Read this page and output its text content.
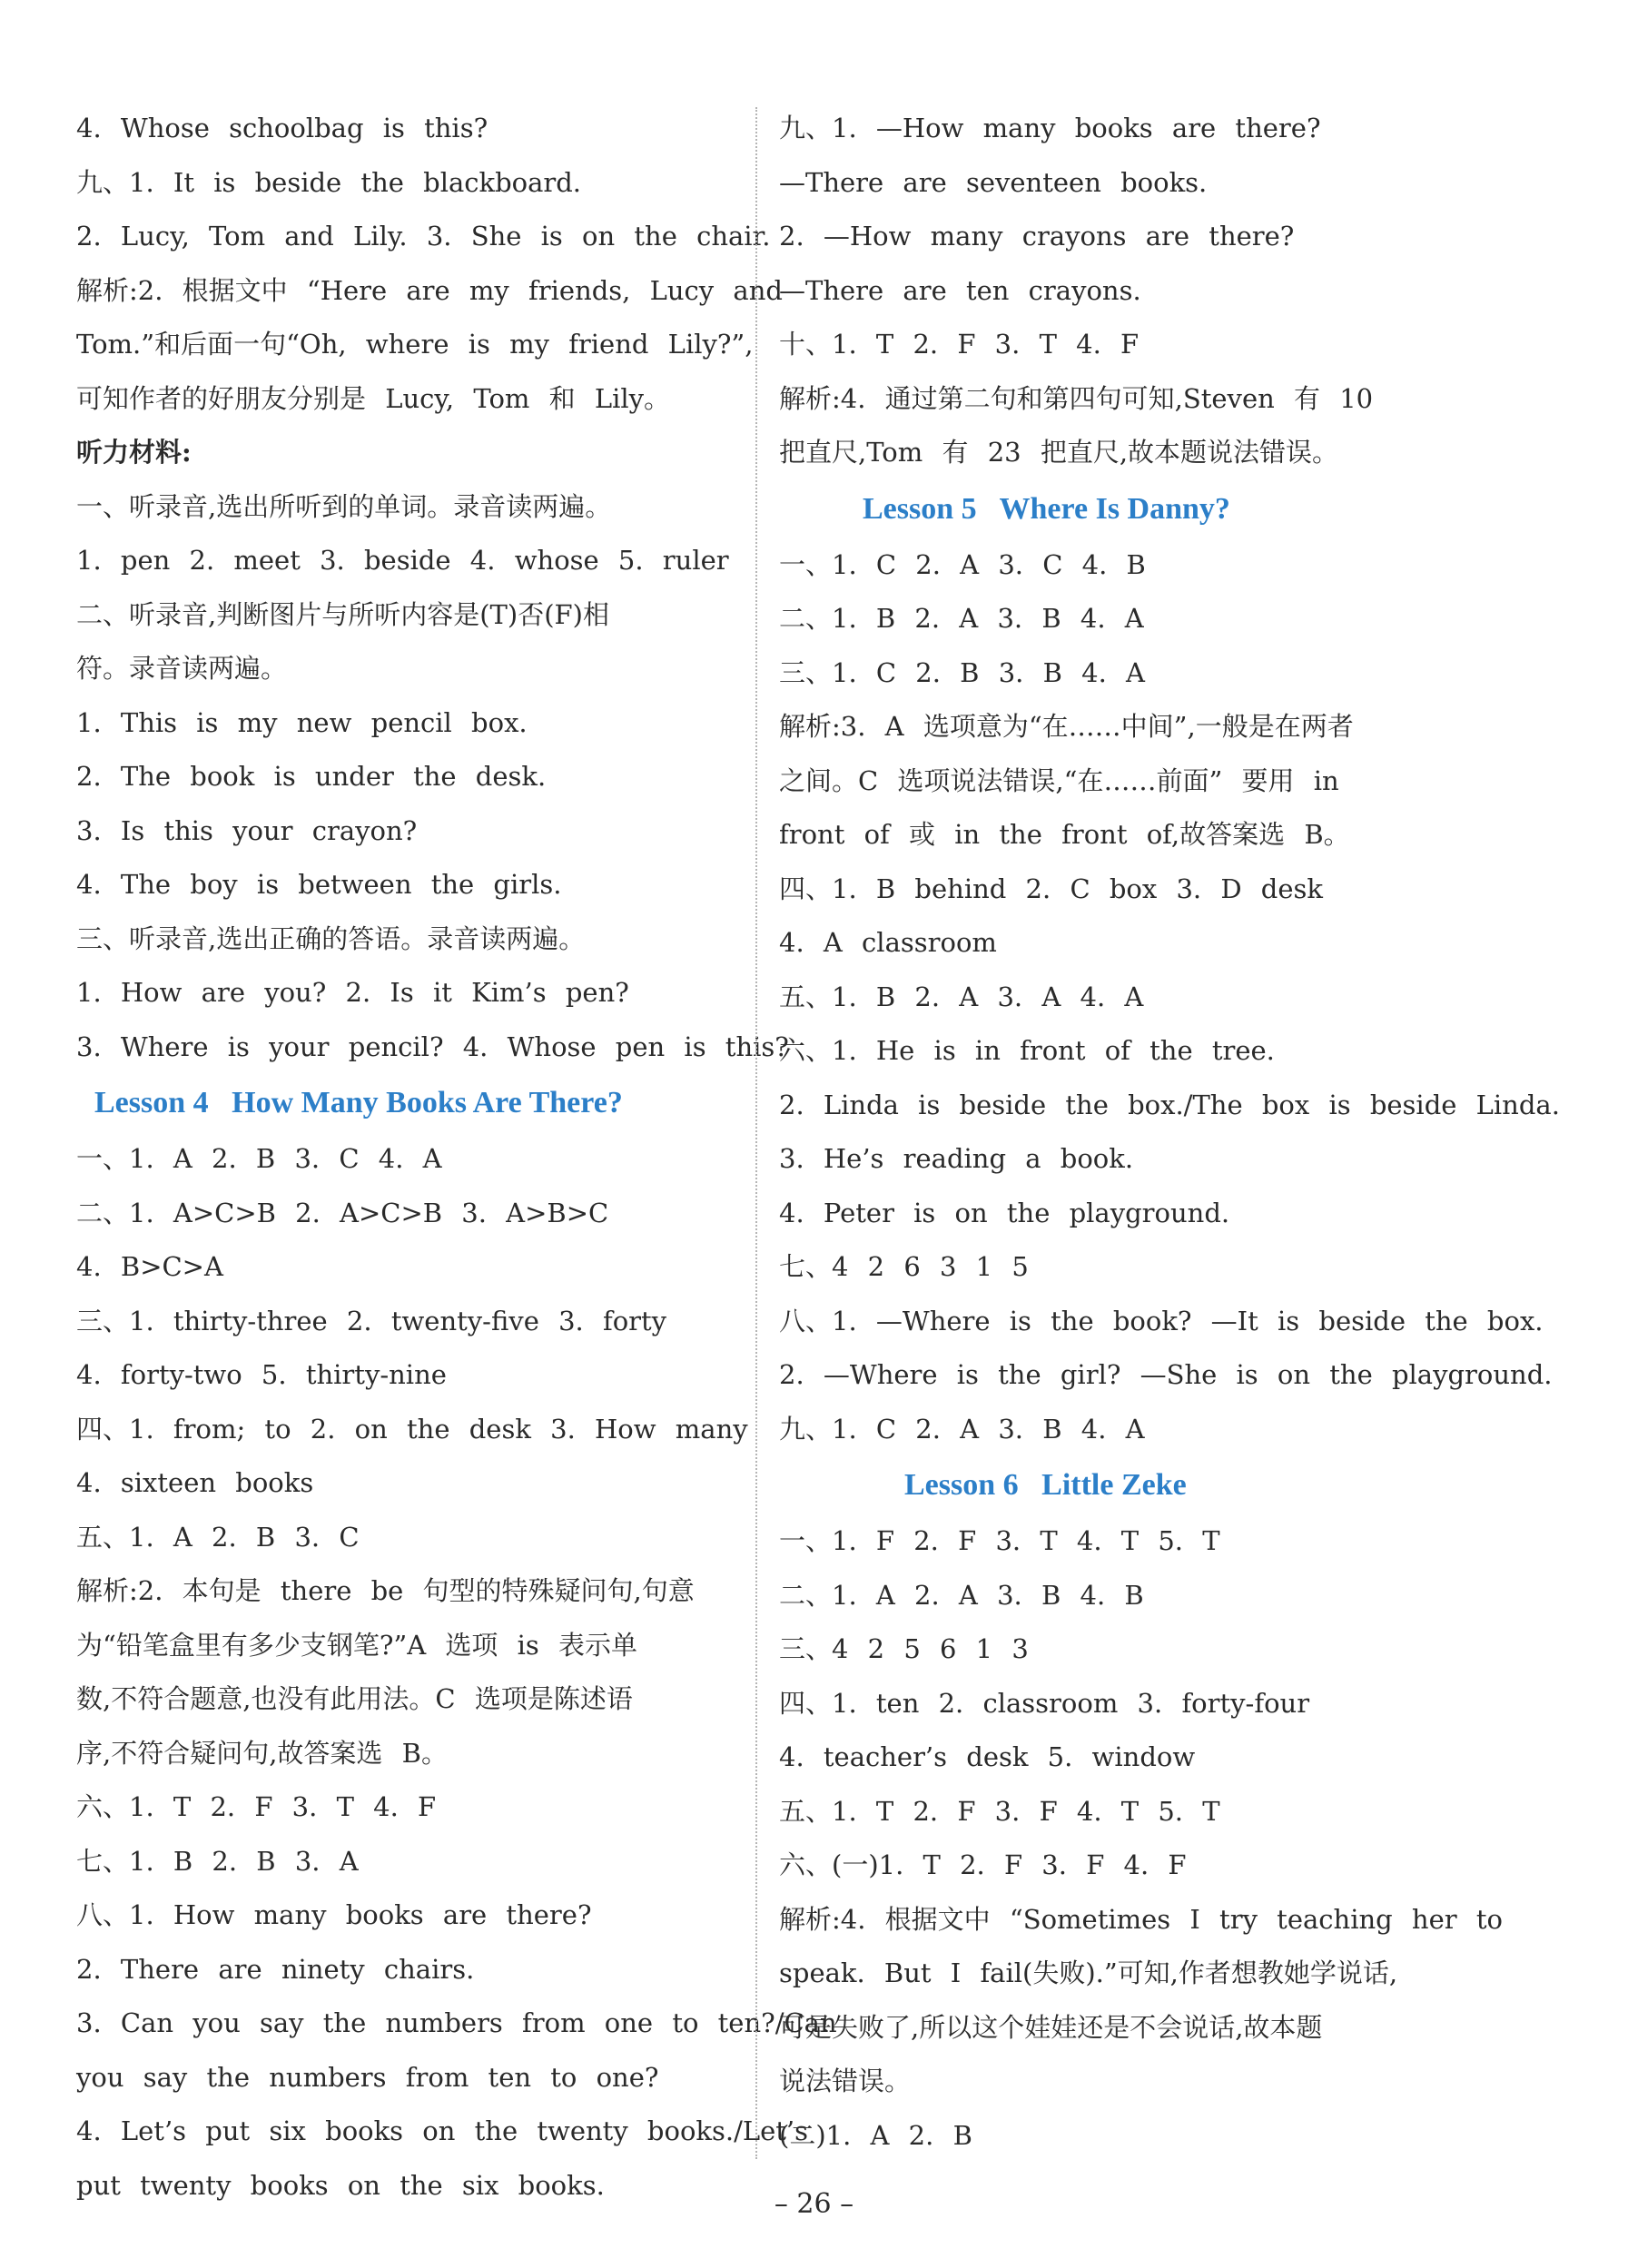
4. Whose schoolbag is this?
九、1. It is beside the blackboard.
2. Lucy, Tom and Lily. 3. She is on the chair.
解析:2. 根据文中 “Here are my friends, Lucy and
Tom.”和后面一句“Oh, where is my friend Lily?”,
可知作者的好朋友分别是 Lucy, Tom 和 Lily。
听力材料:
一、听录音,选出所听到的单词。录音读两遍。
1. pen 2. meet 3. beside 4. whose 5. ruler
二、听录音,判断图片与所听内容是(T)否(F)相
符。录音读两遍。
1. This is my new pencil box.
2. The book is under the desk.
3. Is this your crayon?
4. The boy is between the girls.
三、听录音,选出正确的答语。录音读两遍。
1. How are you? 2. Is it Kim’s pen?
3. Where is your pencil? 4. Whose pen is this?
Lesson 4   How Many Books Are There?
一、1. A 2. B 3. C 4. A
二、1. A>C>B 2. A>C>B 3. A>B>C
4. B>C>A
三、1. thirty-three 2. twenty-five 3. forty
4. forty-two 5. thirty-nine
四、1. from; to 2. on the desk 3. How many
4. sixteen books
五、1. A 2. B 3. C
解析:2. 本句是 there be 句型的特殊疑问句,句意
为“铅笔盒里有多少支钢笔?”A 选项 is 表示单
数,不符合题意,也没有此用法。C 选项是陈述语
序,不符合疑问句,故答案选 B。
六、1. T 2. F 3. T 4. F
七、1. B 2. B 3. A
八、1. How many books are there?
2. There are ninety chairs.
3. Can you say the numbers from one to ten?/Can
you say the numbers from ten to one?
4. Let’s put six books on the twenty books./Let’s
put twenty books on the six books.
九、1. —How many books are there?
—There are seventeen books.
2. —How many crayons are there?
—There are ten crayons.
十、1. T 2. F 3. T 4. F
解析:4. 通过第二句和第四句可知,Steven 有 10
把直尺,Tom 有 23 把直尺,故本题说法错误。
Lesson 5   Where Is Danny?
一、1. C 2. A 3. C 4. B
二、1. B 2. A 3. B 4. A
三、1. C 2. B 3. B 4. A
解析:3. A 选项意为“在……中间”,一般是在两者
之间。C 选项说法错误,“在……前面” 要用 in
front of 或 in the front of,故答案选 B。
四、1. B behind 2. C box 3. D desk
4. A classroom
五、1. B 2. A 3. A 4. A
六、1. He is in front of the tree.
2. Linda is beside the box./The box is beside Linda.
3. He’s reading a book.
4. Peter is on the playground.
七、4 2 6 3 1 5
八、1. —Where is the book? —It is beside the box.
2. —Where is the girl? —She is on the playground.
九、1. C 2. A 3. B 4. A
Lesson 6   Little Zeke
一、1. F 2. F 3. T 4. T 5. T
二、1. A 2. A 3. B 4. B
三、4 2 5 6 1 3
四、1. ten 2. classroom 3. forty-four
4. teacher’s desk 5. window
五、1. T 2. F 3. F 4. T 5. T
六、(一)1. T 2. F 3. F 4. F
解析:4. 根据文中 “Sometimes I try teaching her to
speak. But I fail(失败).”可知,作者想教她学说话,
可是失败了,所以这个娃娃还是不会说话,故本题
说法错误。
(二)1. A 2. B
– 26 –
